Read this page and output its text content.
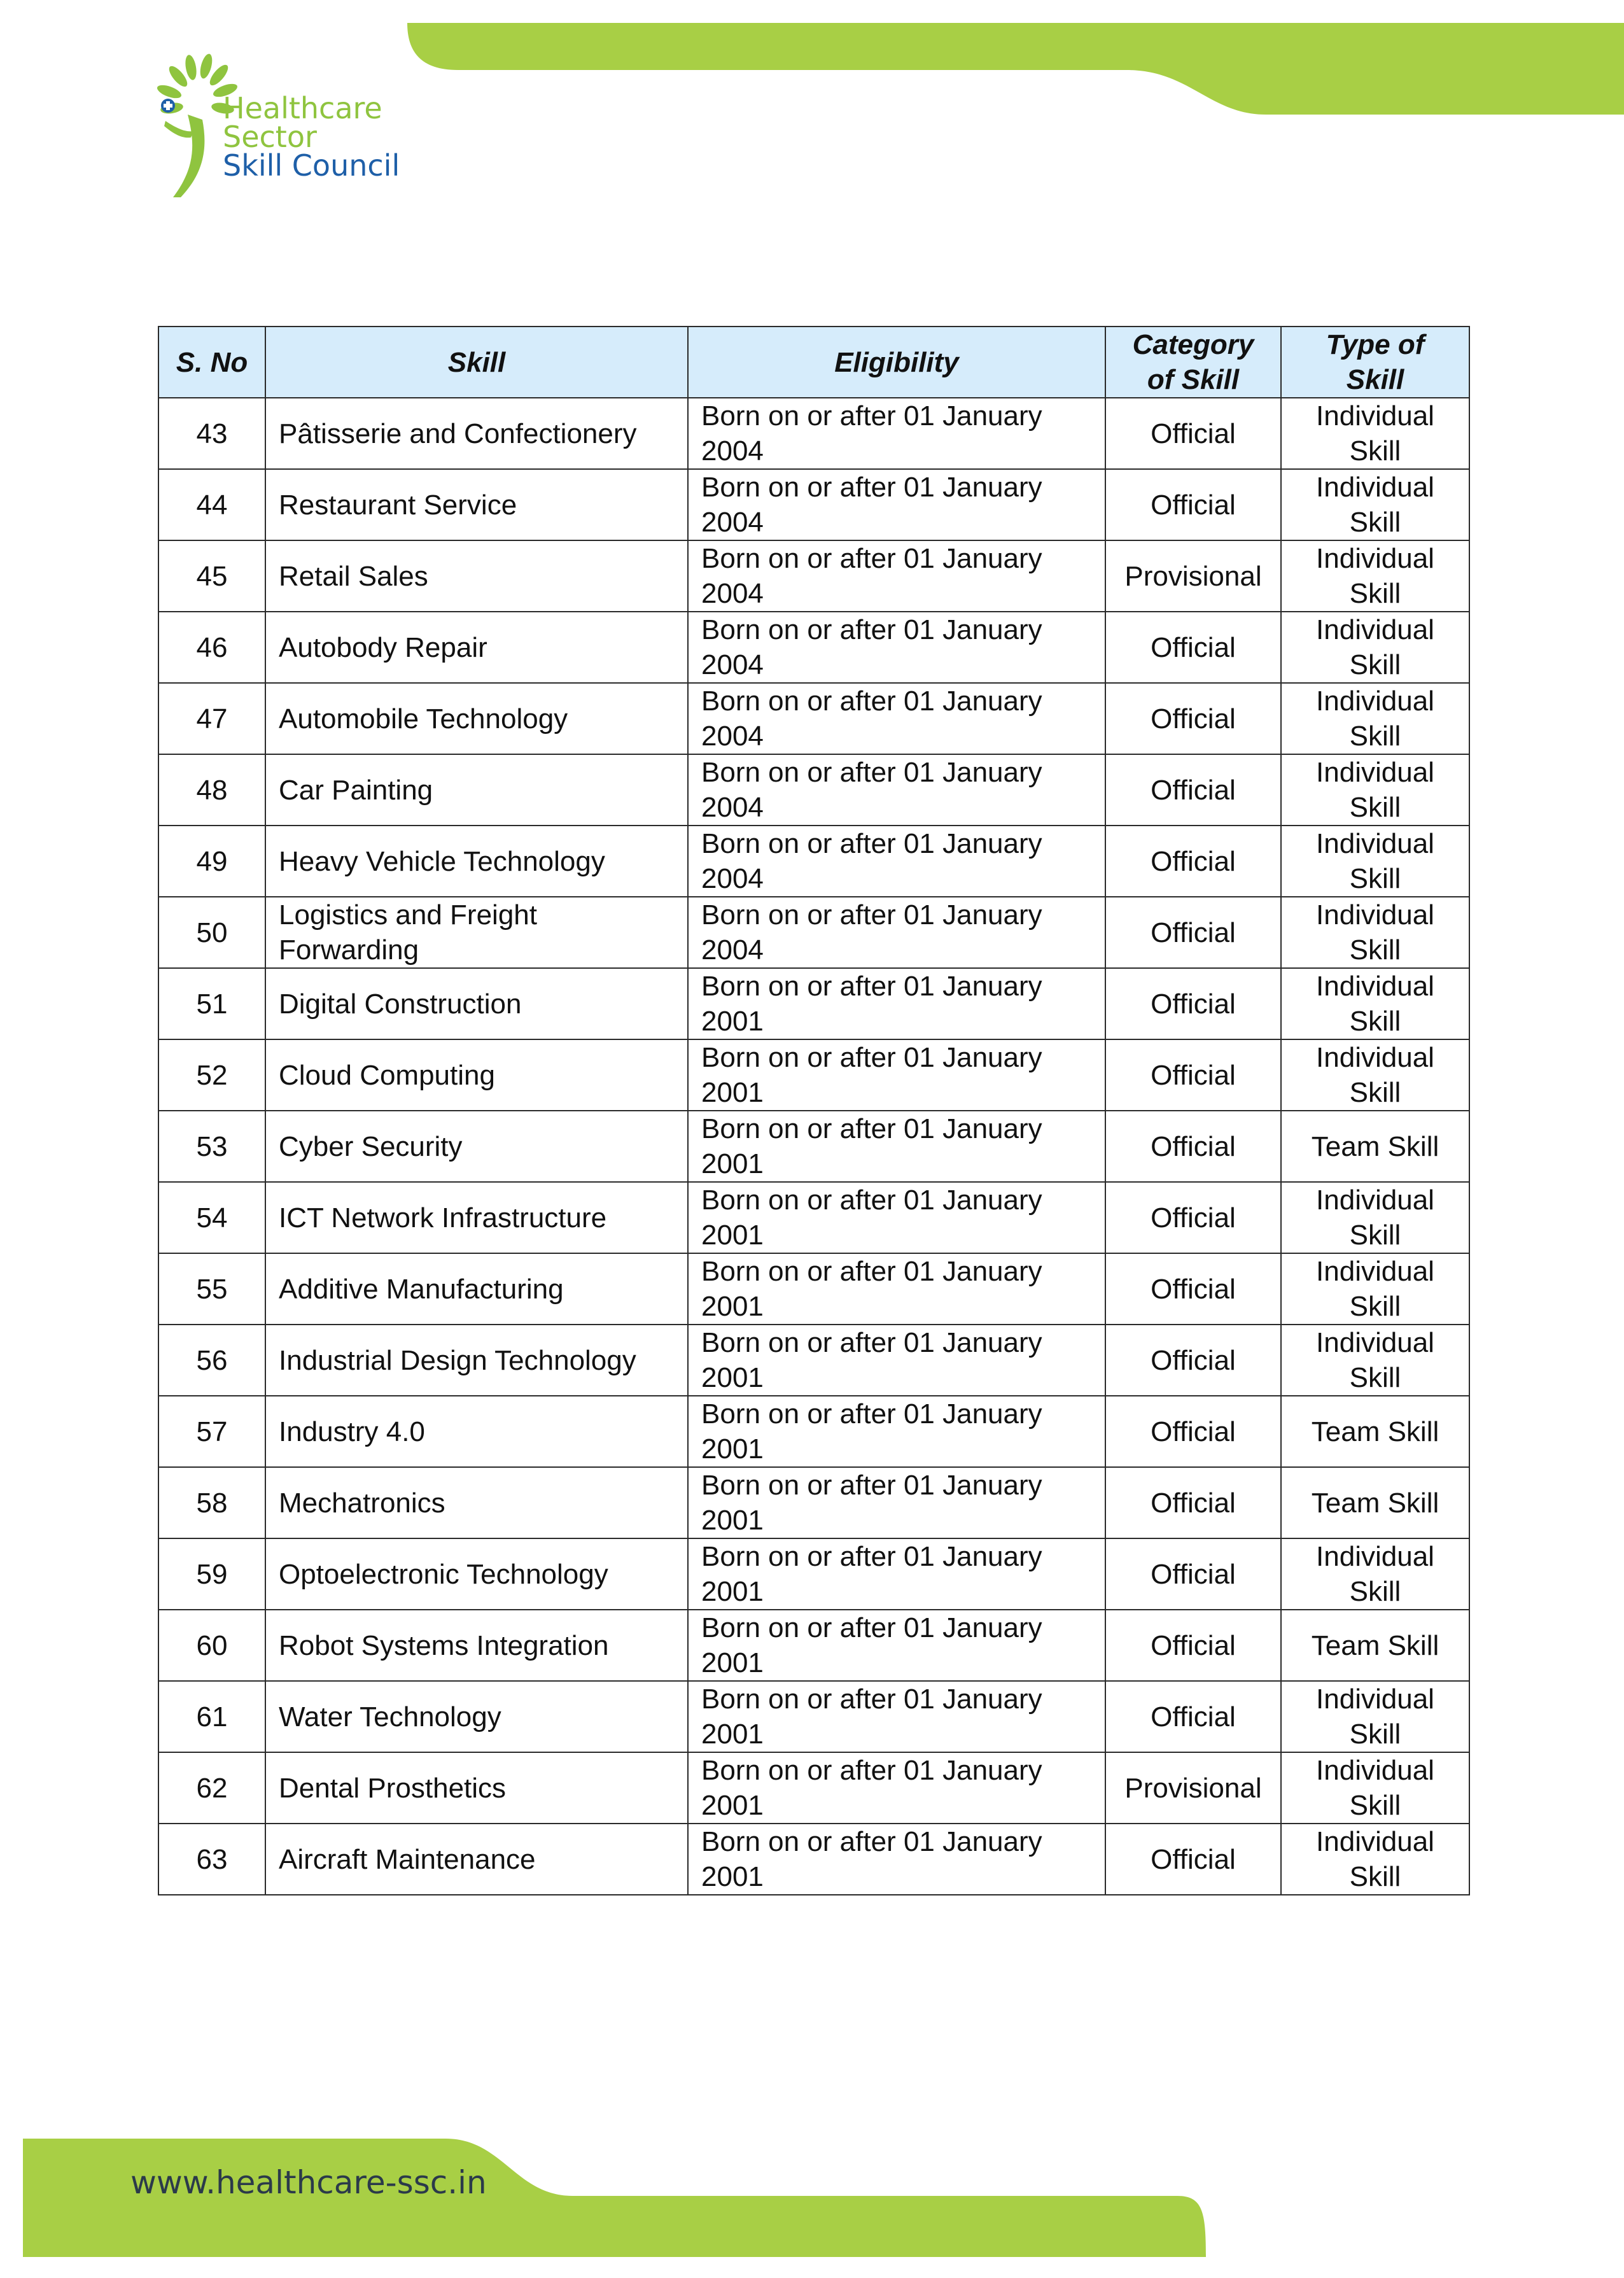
Healthcare
Sector
Skill Council
S. No	Skill	Eligibility	Category of Skill	Type of Skill
43	Pâtisserie and Confectionery	Born on or after 01 January 2004	Official	Individual Skill
44	Restaurant Service	Born on or after 01 January 2004	Official	Individual Skill
45	Retail Sales	Born on or after 01 January 2004	Provisional	Individual Skill
46	Autobody Repair	Born on or after 01 January 2004	Official	Individual Skill
47	Automobile Technology	Born on or after 01 January 2004	Official	Individual Skill
48	Car Painting	Born on or after 01 January 2004	Official	Individual Skill
49	Heavy Vehicle Technology	Born on or after 01 January 2004	Official	Individual Skill
50	Logistics and Freight Forwarding	Born on or after 01 January 2004	Official	Individual Skill
51	Digital Construction	Born on or after 01 January 2001	Official	Individual Skill
52	Cloud Computing	Born on or after 01 January 2001	Official	Individual Skill
53	Cyber Security	Born on or after 01 January 2001	Official	Team Skill
54	ICT Network Infrastructure	Born on or after 01 January 2001	Official	Individual Skill
55	Additive Manufacturing	Born on or after 01 January 2001	Official	Individual Skill
56	Industrial Design Technology	Born on or after 01 January 2001	Official	Individual Skill
57	Industry 4.0	Born on or after 01 January 2001	Official	Team Skill
58	Mechatronics	Born on or after 01 January 2001	Official	Team Skill
59	Optoelectronic Technology	Born on or after 01 January 2001	Official	Individual Skill
60	Robot Systems Integration	Born on or after 01 January 2001	Official	Team Skill
61	Water Technology	Born on or after 01 January 2001	Official	Individual Skill
62	Dental Prosthetics	Born on or after 01 January 2001	Provisional	Individual Skill
63	Aircraft Maintenance	Born on or after 01 January 2001	Official	Individual Skill
www.healthcare-ssc.in
